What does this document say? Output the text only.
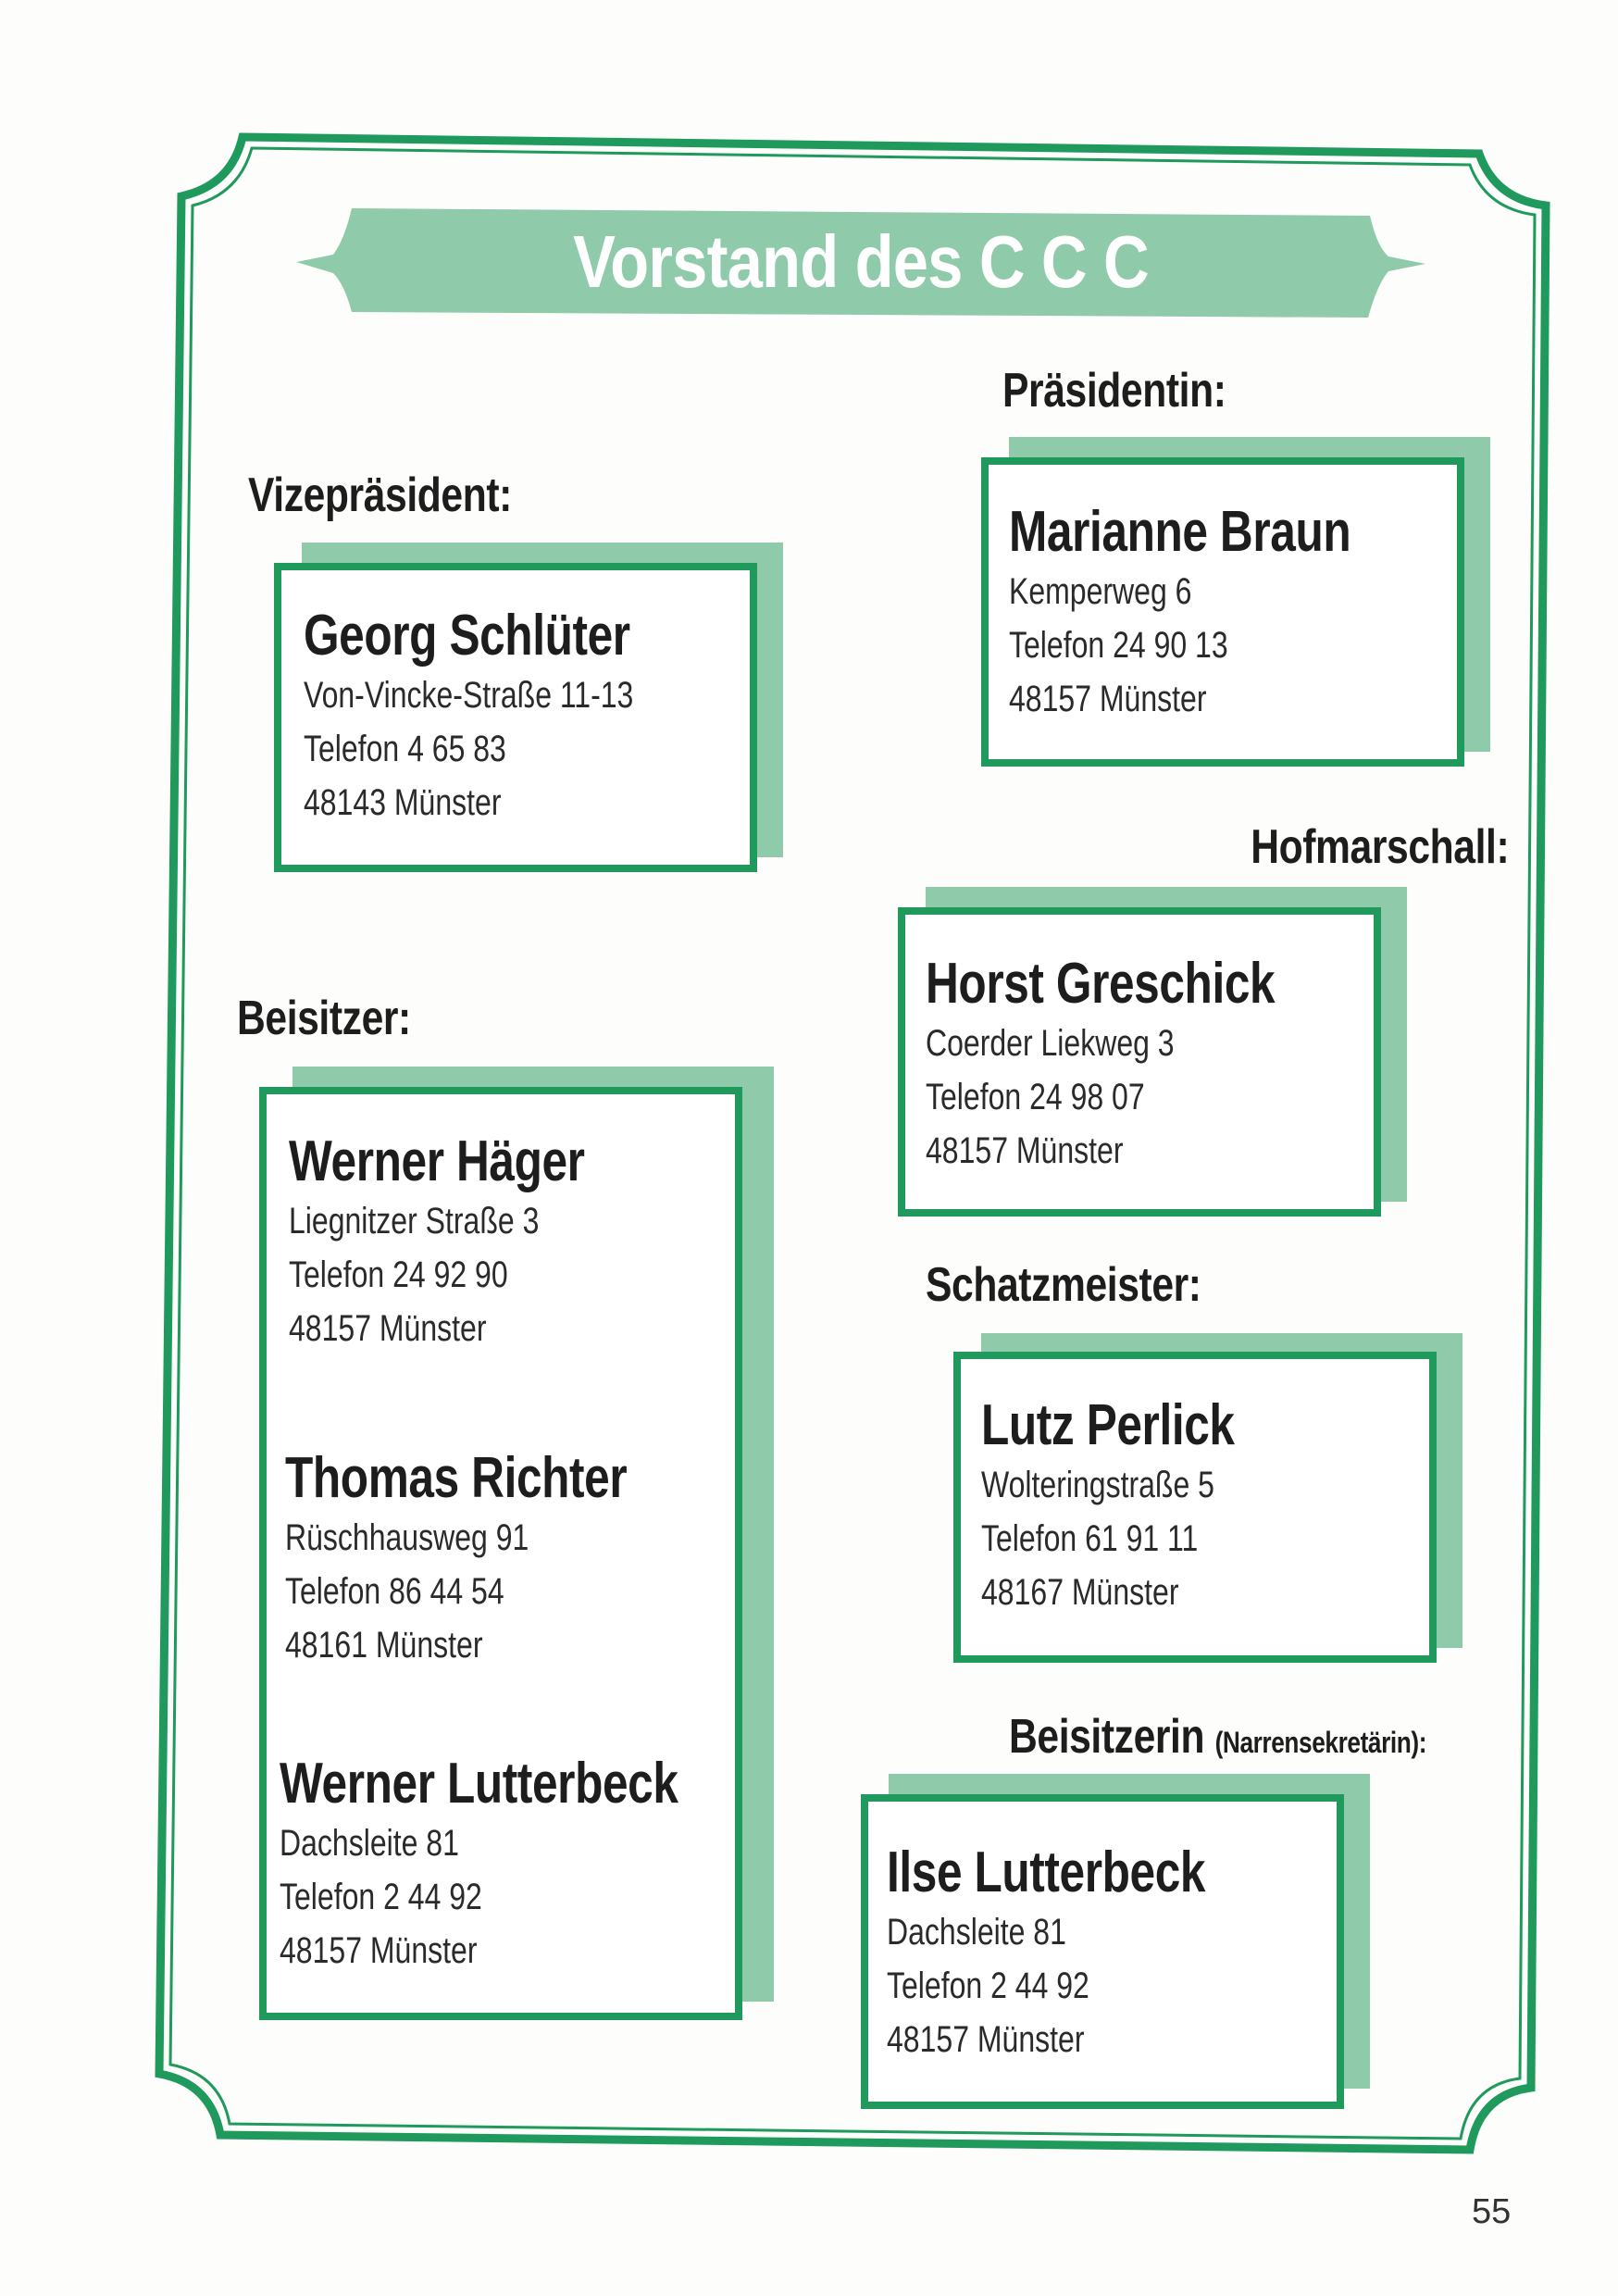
Vorstand des C C C
Präsidentin:
Marianne Braun
Kemperweg 6
Telefon 24 90 13
48157 Münster
Vizepräsident:
Georg Schlüter
Von-Vincke-Straße 11-13
Telefon 4 65 83
48143 Münster
Hofmarschall:
Horst Greschick
Coerder Liekweg 3
Telefon 24 98 07
48157 Münster
Schatzmeister:
Lutz Perlick
Wolteringstraße 5
Telefon 61 91 11
48167 Münster
Beisitzerin (Narrensekretärin):
Ilse Lutterbeck
Dachsleite 81
Telefon 2 44 92
48157 Münster
Beisitzer:
Werner Häger
Liegnitzer Straße 3
Telefon 24 92 90
48157 Münster
Thomas Richter
Rüschhausweg 91
Telefon 86 44 54
48161 Münster
Werner Lutterbeck
Dachsleite 81
Telefon 2 44 92
48157 Münster
55
